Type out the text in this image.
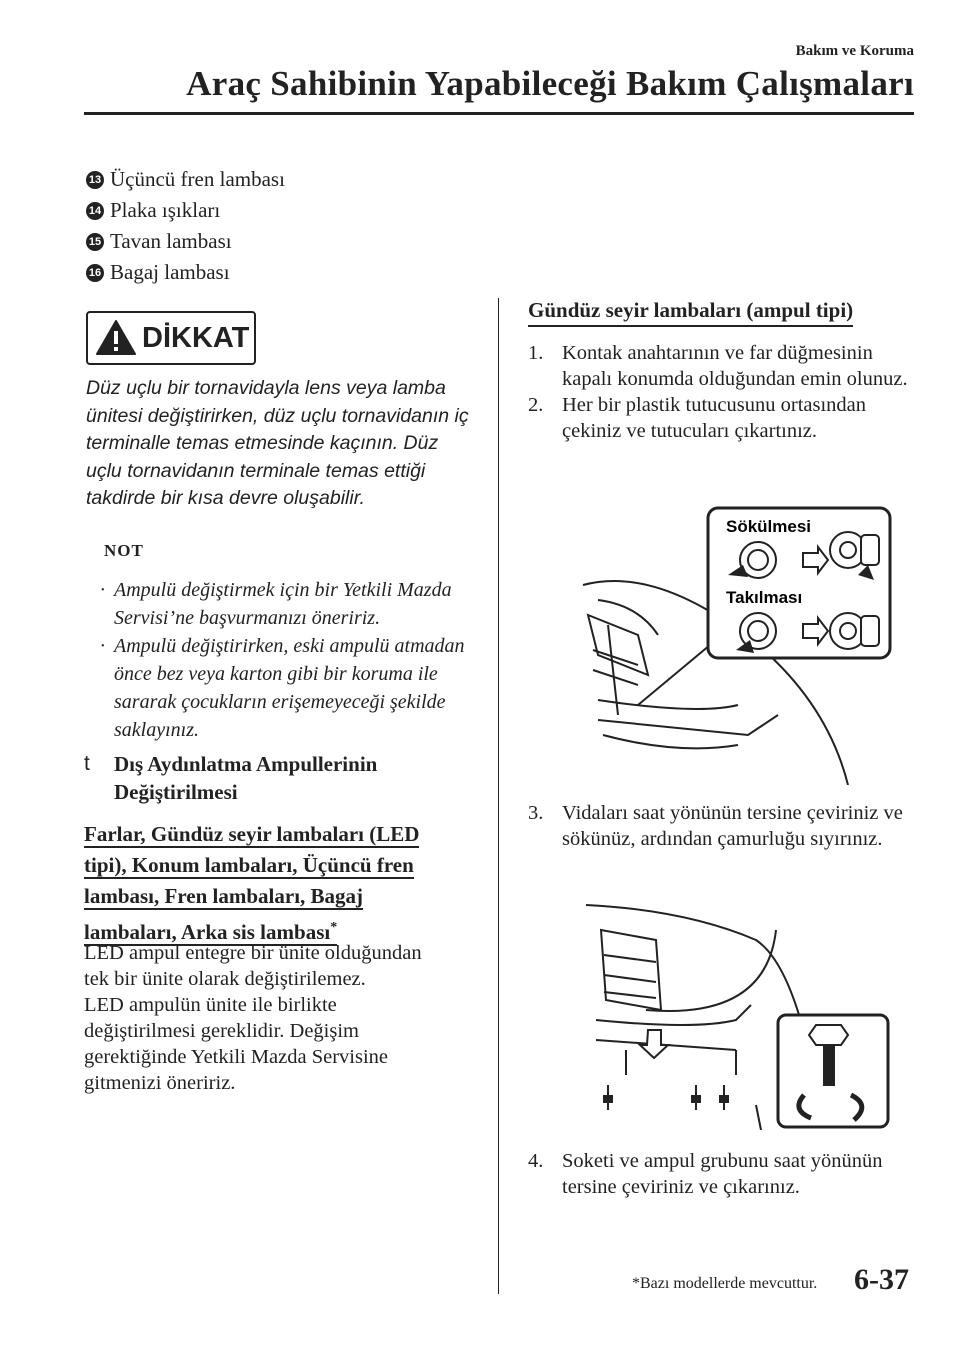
Bakım ve Koruma
Araç Sahibinin Yapabileceği Bakım Çalışmaları
13 Üçüncü fren lambası
14 Plaka ışıkları
15 Tavan lambası
16 Bagaj lambası
DİKKAT
Düz uçlu bir tornavidayla lens veya lamba ünitesi değiştirirken, düz uçlu tornavidanın iç terminalle temas etmesinde kaçının. Düz uçlu tornavidanın terminale temas ettiği takdirde bir kısa devre oluşabilir.
NOT
· Ampulü değiştirmek için bir Yetkili Mazda Servisi’ne başvurmanızı öneririz.
· Ampulü değiştirirken, eski ampulü atmadan önce bez veya karton gibi bir koruma ile sararak çocukların erişemeyeceği şekilde saklayınız.
t	Dış Aydınlatma Ampullerinin Değiştirilmesi
Farlar, Gündüz seyir lambaları (LED
tipi), Konum lambaları, Üçüncü fren
lambası, Fren lambaları, Bagaj
lambaları, Arka sis lambası*
LED ampul entegre bir ünite olduğundan
tek bir ünite olarak değiştirilemez.
LED ampulün ünite ile birlikte
değiştirilmesi gereklidir. Değişim
gerektiğinde Yetkili Mazda Servisine
gitmenizi öneririz.
Gündüz seyir lambaları (ampul tipi)
1. Kontak anahtarının ve far düğmesinin kapalı konumda olduğundan emin olunuz.
2. Her bir plastik tutucusunu ortasından çekiniz ve tutucuları çıkartınız.
Sökülmesi
Takılması
3. Vidaları saat yönünün tersine çeviriniz ve sökünüz, ardından çamurluğu sıyırınız.
4. Soketi ve ampul grubunu saat yönünün tersine çeviriniz ve çıkarınız.
*Bazı modellerde mevcuttur. 6-37
